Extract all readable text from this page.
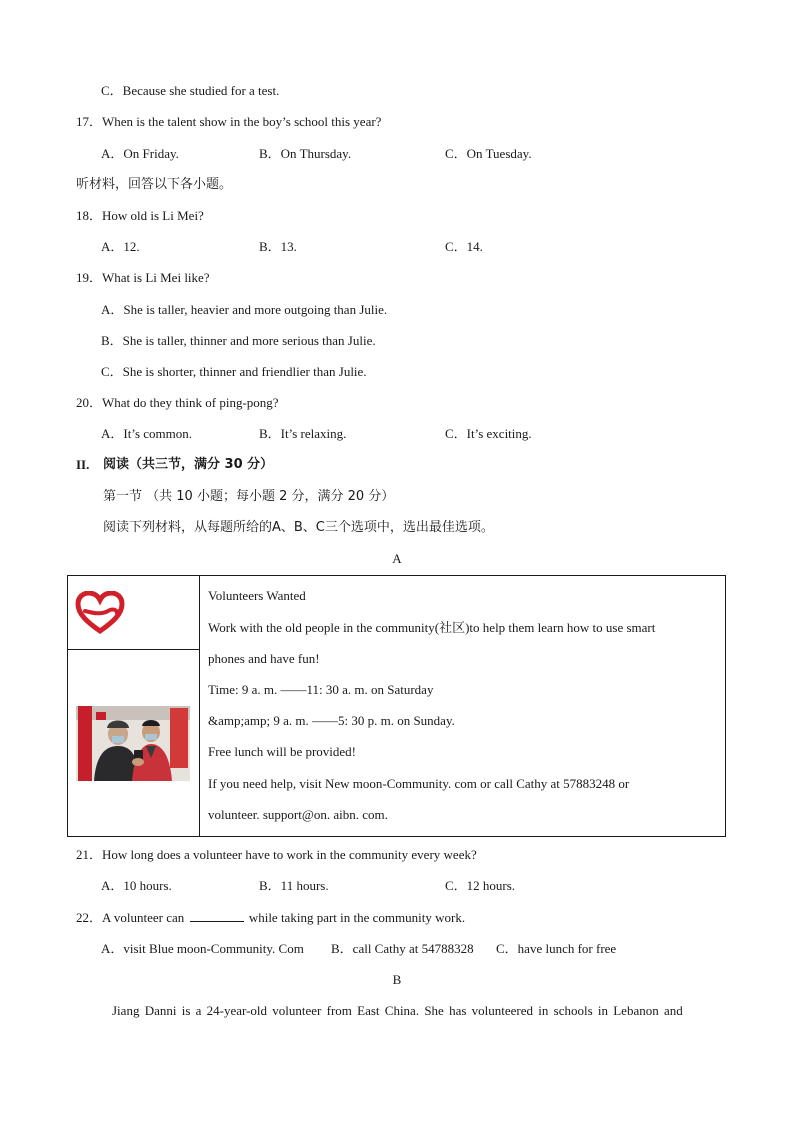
C．Because she studied for a test.
17．When is the talent show in the boy’s school this year?
A．On Friday.	B．On Thursday.	C．On Tuesday.
听材料，回答以下各小题。
18．How old is Li Mei?
A．12.	B．13.	C．14.
19．What is Li Mei like?
A．She is taller, heavier and more outgoing than Julie.
B．She is taller, thinner and more serious than Julie.
C．She is shorter, thinner and friendlier than Julie.
20．What do they think of ping-pong?
A．It’s common.	B．It’s relaxing.	C．It’s exciting.
II. 阅读（共三节，满分 30 分）
第一节 （共 10 小题；每小题 2 分，满分 20 分）
阅读下列材料，从每题所给的A、B、C三个选项中，选出最佳选项。
A
Volunteers Wanted
Work with the old people in the community(社区)to help them learn how to use smart
phones and have fun!
Time: 9 a. m. ——11: 30 a. m. on Saturday
&amp;amp; 9 a. m. ——5: 30 p. m. on Sunday.
Free lunch will be provided!
If you need help, visit New moon-Community. com or call Cathy at 57883248 or
volunteer. support@on. aibn. com.
21．How long does a volunteer have to work in the community every week?
A．10 hours.	B．11 hours.	C．12 hours.
22．A volunteer can	while taking part in the community work.
A．visit Blue moon-Community. Com B．call Cathy at 54788328 C．have lunch for free
B
Jiang Danni is a 24-year-old volunteer from East China. She has volunteered in schools in Lebanon and
